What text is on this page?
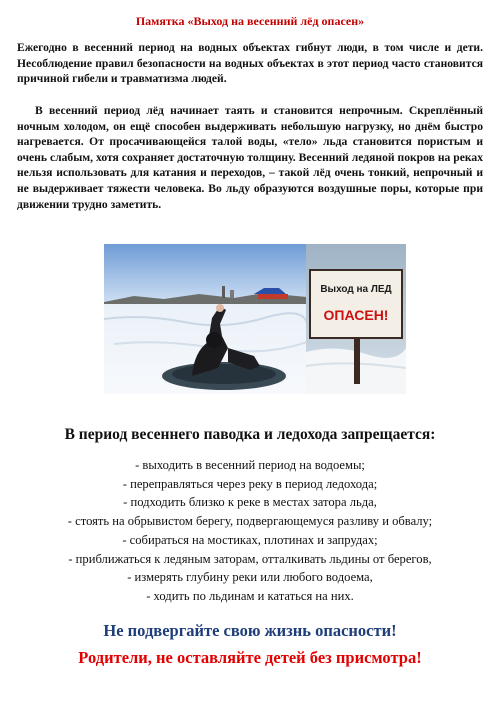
Памятка «Выход на весенний лёд опасен»

Ежегодно в весенний период на водных объектах гибнут люди, в том числе и дети. Несоблюдение правил безопасности на водных объектах в этот период часто становится причиной гибели и травматизма людей.

В весенний период лёд начинает таять и становится непрочным. Скреплённый ночным холодом, он ещё способен выдерживать небольшую нагрузку, но днём быстро нагревается. От просачивающейся талой воды, «тело» льда становится пористым и очень слабым, хотя сохраняет достаточную толщину. Весенний ледяной покров на реках нельзя использовать для катания и переходов, – такой лёд очень тонкий, непрочный и не выдерживает тяжести человека. Во льду образуются воздушные поры, которые при движении трудно заметить.

Выход на ЛЕД
ОПАСЕН!
В период весеннего паводка и ледохода запрещается:
- выходить в весенний период на водоемы;
- переправляться через реку в период ледохода;
- подходить близко к реке в местах затора льда,
- стоять на обрывистом берегу, подвергающемуся разливу и обвалу;
- собираться на мостиках, плотинах и запрудах;
- приближаться к ледяным заторам, отталкивать льдины от берегов,
- измерять глубину реки или любого водоема,
- ходить по льдинам и кататься на них.
Не подвергайте свою жизнь опасности!
Родители, не оставляйте детей без присмотра!
